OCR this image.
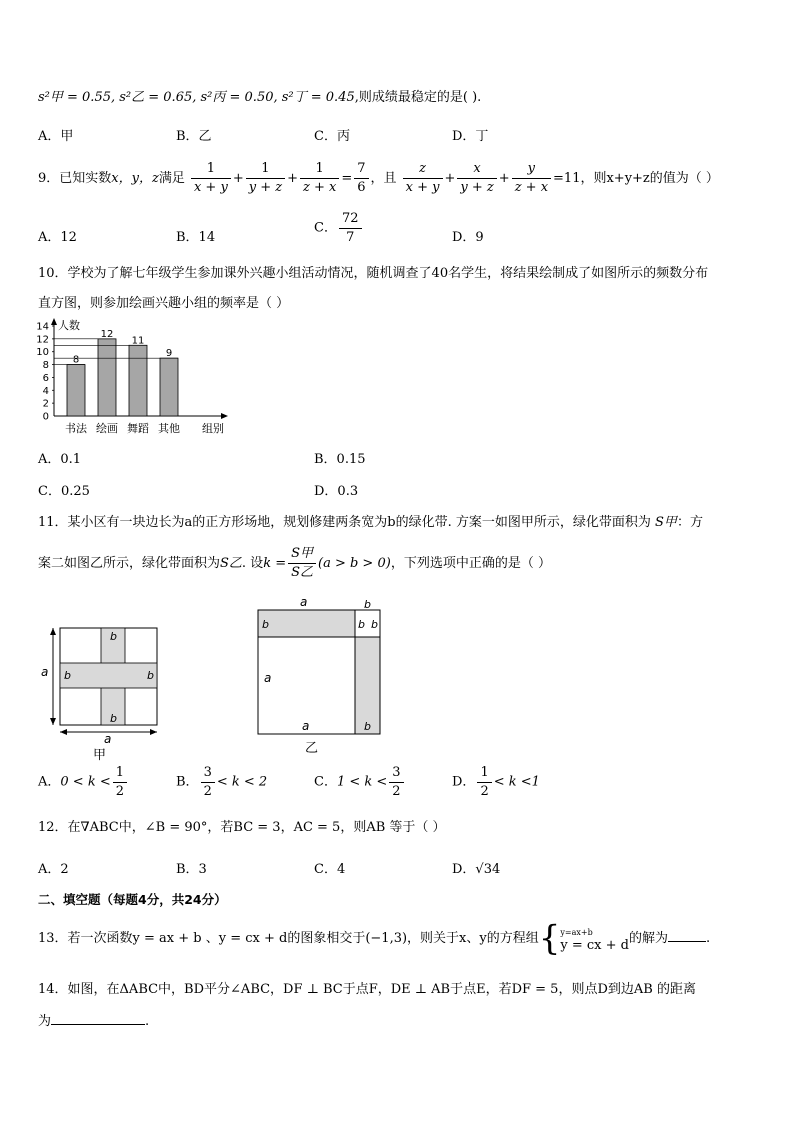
s²甲 = 0.55, s²乙 = 0.65, s²丙 = 0.50, s²丁 = 0.45,则成绩最稳定的是( ).
A．甲	B．乙	C．丙	D．丁
9．已知实数x，y，z满足 $\frac{1}{x + y} + \frac{1}{y + z} + \frac{1}{z + x} = \frac{7}{6}$ ，且 $\frac{z}{x + y} + \frac{x}{y + z} + \frac{y}{z + x} =11$，则x+y+z的值为（ ）
A．12	B．14
C． $\frac{72}{7}$	D．9
10．学校为了解七年级学生参加课外兴趣小组活动情况，随机调查了40名学生，将结果绘制成了如图所示的频数分布
直方图，则参加绘画兴趣小组的频率是（ ）
0
2
4
6
8
10
12
14
8
书法
12
绘画
11
舞蹈
9
其他
人数
组别
A．0.1	B．0.15
C．0.25	D．0.3
11．某小区有一块边长为a的正方形场地，规划修建两条宽为b的绿化带. 方案一如图甲所示，绿化带面积为 S甲：方
案二如图乙所示，绿化带面积为S乙. 设$k = \frac{\text{S甲}}{\text{S乙}} (a > b > 0)$，下列选项中正确的是（ ）
a
b
b
b	b
a
甲
a	b
b	b b
a
a	b
乙
A．$0 < k < \frac{1}{2}$	B． $\frac{3}{2} < k < 2$	C．$1 < k < \frac{3}{2}$	D． $\frac{1}{2} < k <1$
12．在∇ABC中，∠B = 90°，若BC = 3，AC = 5，则AB 等于（ ）
A．2	B．3	C．4	D．√34
二、填空题（每题4分，共24分）
13．若一次函数y = ax + b 、y = cx + d的图象相交于(−1,3)，则关于x、y的方程组{ y=ax+b
y = cx + d 的解为	.
14．如图，在ΔABC中，BD平分∠ABC，DF ⊥ BC于点F，DE ⊥ AB于点E，若DF = 5，则点D到边AB 的距离
为	.
